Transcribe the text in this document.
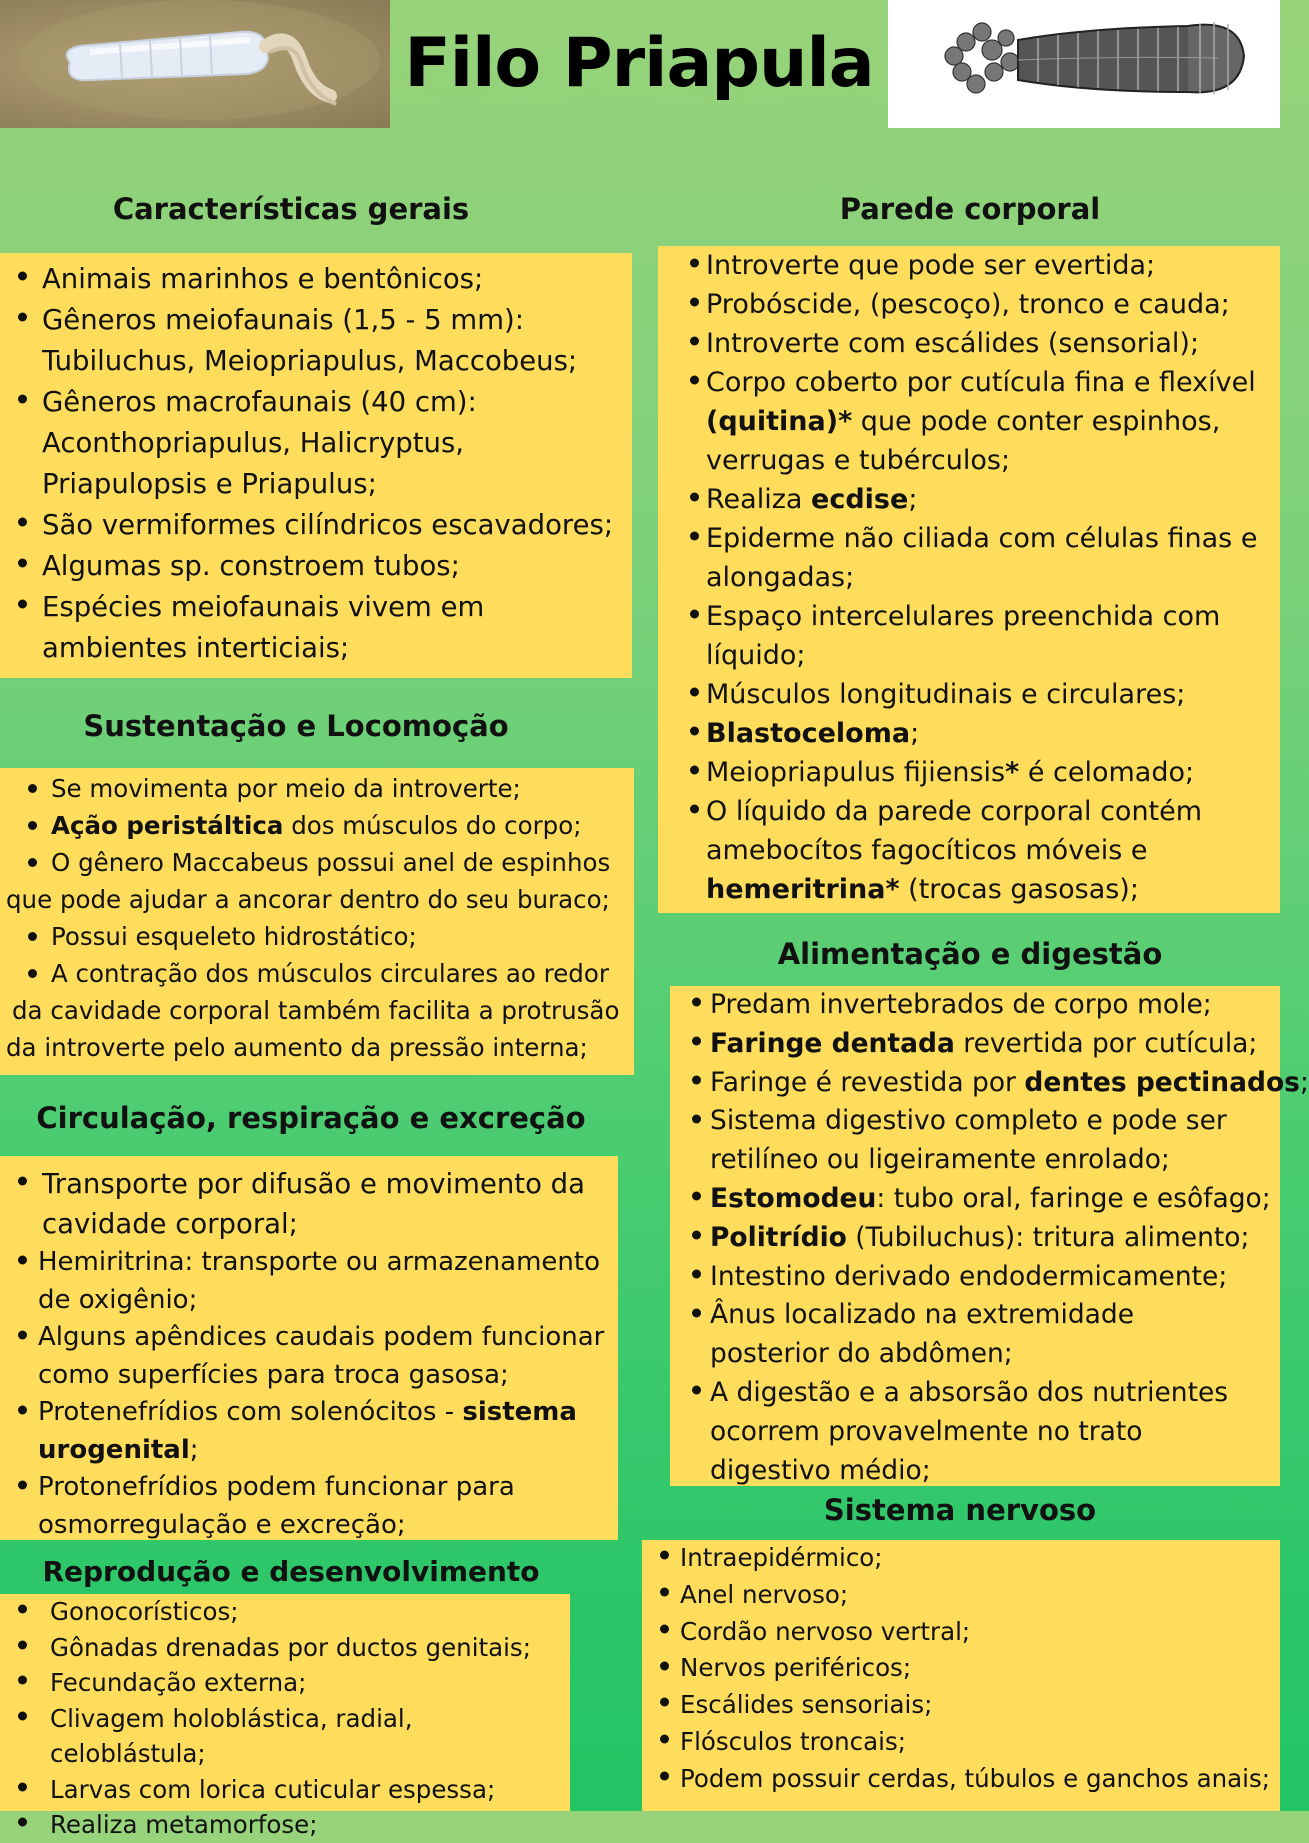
Filo Priapula
Características gerais
Animais marinhos e bentônicos;
Gêneros meiofaunais (1,5 - 5 mm): Tubiluchus, Meiopriapulus, Maccobeus;
Gêneros macrofaunais (40 cm): Aconthopriapulus, Halicryptus, Priapulopsis e Priapulus;
São vermiformes cilíndricos escavadores;
Algumas sp. constroem tubos;
Espécies meiofaunais vivem em ambientes interticiais;
Sustentação e Locomoção

Se movimenta por meio da introverte;

Ação peristáltica dos músculos do corpo;

O gênero Maccabeus possui anel de espinhos

que pode ajudar a ancorar dentro do seu buraco;

Possui esqueleto hidrostático;

A contração dos músculos circulares ao redor

da cavidade corporal também facilita a protrusão

da introverte pelo aumento da pressão interna;

Circulação, respiração e excreção
Transporte por difusão e movimento da cavidade corporal;
Hemiritrina: transporte ou armazenamento de oxigênio;
Alguns apêndices caudais podem funcionar como superfícies para troca gasosa;
Protenefrídios com solenócitos - sistema urogenital;
Protonefrídios podem funcionar para osmorregulação e excreção;
Reprodução e desenvolvimento
Gonocorísticos;
Gônadas drenadas por ductos genitais;
Fecundação externa;
Clivagem holoblástica, radial, celoblástula;
Larvas com lorica cuticular espessa;
Realiza metamorfose;
Parede corporal
Introverte que pode ser evertida;
Probóscide, (pescoço), tronco e cauda;
Introverte com escálides (sensorial);
Corpo coberto por cutícula fina e flexível (quitina)* que pode conter espinhos, verrugas e tubérculos;
Realiza ecdise;
Epiderme não ciliada com células finas e alongadas;
Espaço intercelulares preenchida com líquido;
Músculos longitudinais e circulares;
Blastoceloma;
Meiopriapulus fijiensis* é celomado;
O líquido da parede corporal contém amebocítos fagocíticos móveis e hemeritrina* (trocas gasosas);
Alimentação e digestão
Predam invertebrados de corpo mole;
Faringe dentada revertida por cutícula;
Faringe é revestida por dentes pectinados;
Sistema digestivo completo e pode ser retilíneo ou ligeiramente enrolado;
Estomodeu: tubo oral, faringe e esôfago;
Politrídio (Tubiluchus): tritura alimento;
Intestino derivado endodermicamente;
Ânus localizado na extremidade posterior do abdômen;
A digestão e a absorsão dos nutrientes ocorrem provavelmente no trato digestivo médio;
Sistema nervoso
Intraepidérmico;
Anel nervoso;
Cordão nervoso vertral;
Nervos periféricos;
Escálides sensoriais;
Flósculos troncais;
Podem possuir cerdas, túbulos e ganchos anais;
